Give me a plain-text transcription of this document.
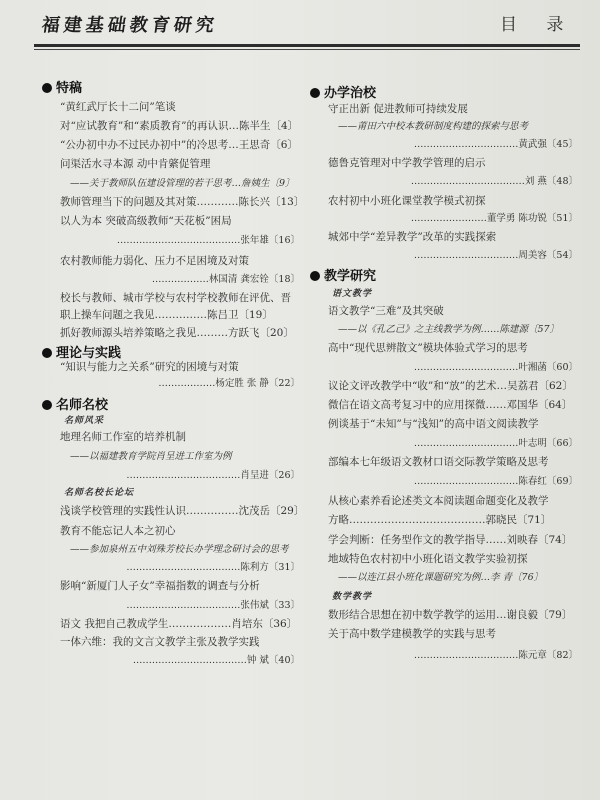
福建基础教育研究	目 录
特稿
“黄红武厅长十二问”笔谈
对“应试教育”和“素质教育”的再认识…陈半生〔4〕
“公办初中办不过民办初中”的冷思考…王思奇〔6〕
问渠活水寻本源 动中肯綮促管理
——关于教师队伍建设管理的若干思考…詹姨生〔9〕
教师管理当下的问题及其对策…………陈长兴〔13〕
以人为本 突破高级教师“天花板”困局
…………………………………张年雄〔16〕
农村教师能力弱化、压力不足困境及对策
………………林国清 龚宏铨〔18〕
校长与教师、城市学校与农村学校教师在评优、晋
职上操车问题之我见……………陈吕卫〔19〕
抓好教师源头培养策略之我见………方跃飞〔20〕
理论与实践
“知识与能力之关系”研究的困境与对策
………………杨定胜 张 静〔22〕
名师名校
名师风采
地理名师工作室的培养机制
——以福建教育学院肖呈进工作室为例
………………………………肖呈进〔26〕
名师名校长论坛
浅谈学校管理的实践性认识……………沈茂岳〔29〕
教育不能忘记人本之初心
——参加泉州五中刘殊芳校长办学理念研讨会的思考
………………………………陈利方〔31〕
影响“新厦门人子女”幸福指数的调查与分析
………………………………张伟斌〔33〕
语文 我把自己教成学生………………肖培东〔36〕
一体六维：我的文言文教学主张及教学实践
………………………………钟 斌〔40〕
办学治校
守正出新 促进教师可持续发展
——莆田六中校本教研制度构建的探索与思考
……………………………黄武强〔45〕
德鲁克管理对中学教学管理的启示
………………………………刘 燕〔48〕
农村初中小班化课堂教学模式初探
……………………董学勇 陈功锐〔51〕
城郊中学“差异教学”改革的实践探索
……………………………周美容〔54〕
教学研究
语文教学
语文教学“三难”及其突破
——以《孔乙己》之主线教学为例……陈建源〔57〕
高中“现代思辨散文”模块体验式学习的思考
……………………………叶湘菡〔60〕
议论文评改教学中“收”和“放”的艺术…吴荔君〔62〕
微信在语文高考复习中的应用探微……邓国华〔64〕
例谈基于“未知”与“浅知”的高中语文阅读教学
……………………………叶志明〔66〕
部编本七年级语文教材口语交际教学策略及思考
……………………………陈春红〔69〕
从核心素养看论述类文本阅读题命题变化及教学
方略…………………………………郭晓民〔71〕
学会判断：任务型作文的教学指导……刘映春〔74〕
地域特色农村初中小班化语文教学实验初探
——以连江县小班化课题研究为例…李 青〔76〕
数学教学
数形结合思想在初中数学教学的运用…谢良毅〔79〕
关于高中数学建模教学的实践与思考
……………………………陈元章〔82〕
